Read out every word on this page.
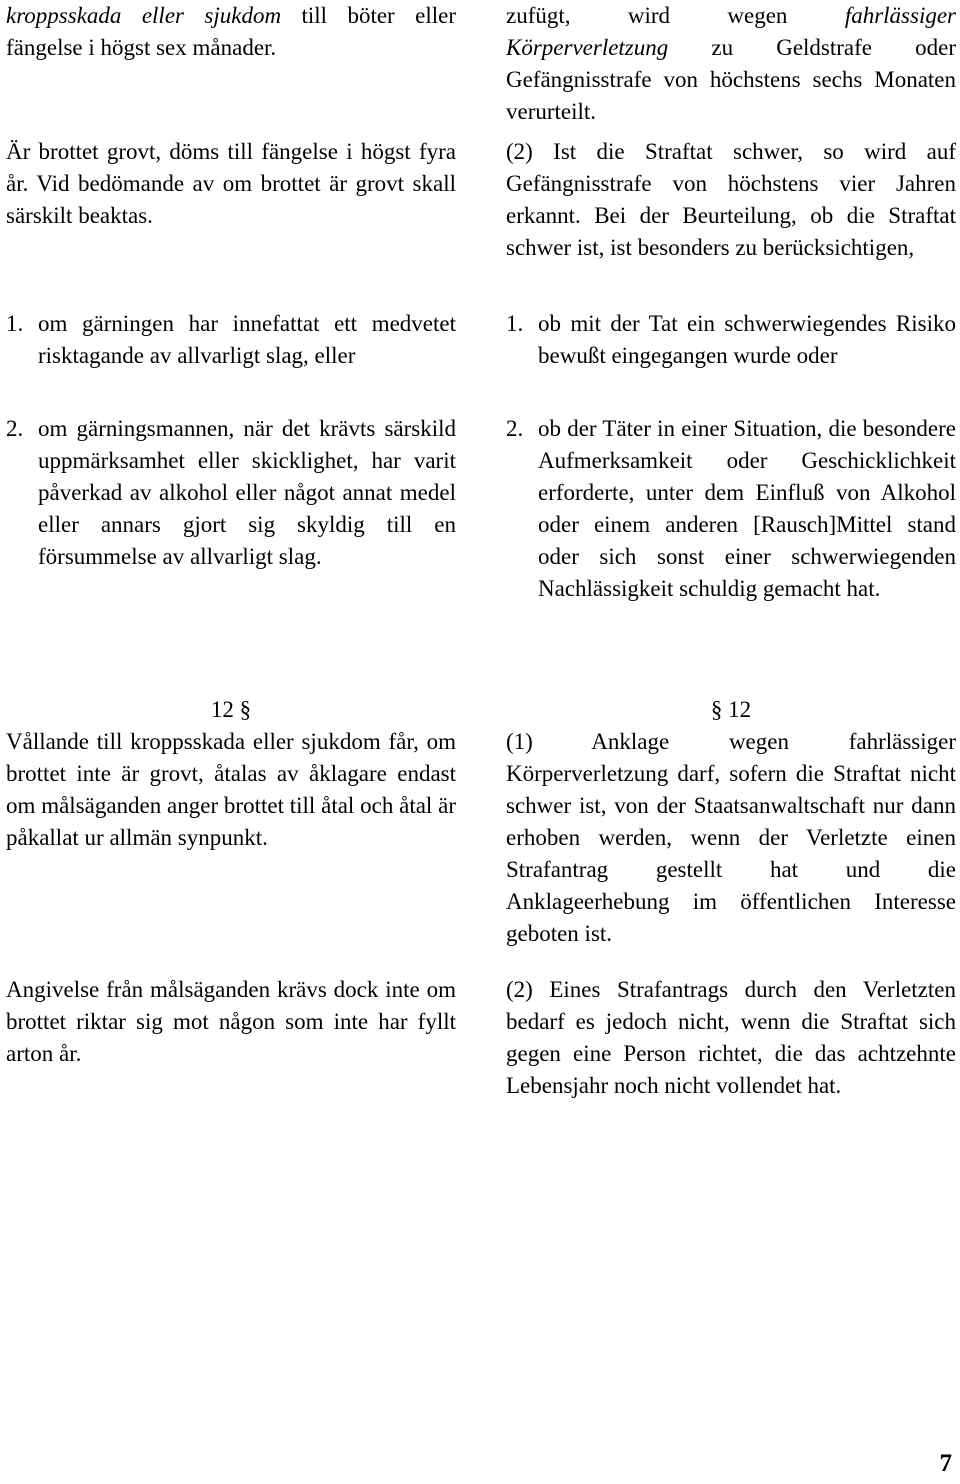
kroppsskada eller sjukdom till böter eller fängelse i högst sex månader.

Är brottet grovt, döms till fängelse i högst fyra år. Vid bedömande av om brottet är grovt skall särskilt beaktas.

1. om gärningen har innefattat ett medvetet risktagande av allvarligt slag, eller

2. om gärningsmannen, när det krävts särskild uppmärksamhet eller skicklighet, har varit påverkad av alkohol eller något annat medel eller annars gjort sig skyldig till en försummelse av allvarligt slag.

zufügt, wird wegen fahrlässiger Körperverletzung zu Geldstrafe oder Gefängnisstrafe von höchstens sechs Monaten verurteilt.

(2) Ist die Straftat schwer, so wird auf Gefängnisstrafe von höchstens vier Jahren erkannt. Bei der Beurteilung, ob die Straftat schwer ist, ist besonders zu berücksichtigen,

1. ob mit der Tat ein schwerwiegendes Risiko bewußt eingegangen wurde oder

2. ob der Täter in einer Situation, die besondere Aufmerksamkeit oder Geschicklichkeit erforderte, unter dem Einfluß von Alkohol oder einem anderen [Rausch]Mittel stand oder sich sonst einer schwerwiegenden Nachlässigkeit schuldig gemacht hat.

12 §

Vållande till kroppsskada eller sjukdom får, om brottet inte är grovt, åtalas av åklagare endast om målsäganden anger brottet till åtal och åtal är påkallat ur allmän synpunkt.

Angivelse från målsäganden krävs dock inte om brottet riktar sig mot någon som inte har fyllt arton år.

§ 12

(1) Anklage wegen fahrlässiger Körperverletzung darf, sofern die Straftat nicht schwer ist, von der Staatsanwaltschaft nur dann erhoben werden, wenn der Verletzte einen Strafantrag gestellt hat und die Anklageerhebung im öffentlichen Interesse geboten ist.

(2) Eines Strafantrags durch den Verletzten bedarf es jedoch nicht, wenn die Straftat sich gegen eine Person richtet, die das achtzehnte Lebensjahr noch nicht vollendet hat.

7
